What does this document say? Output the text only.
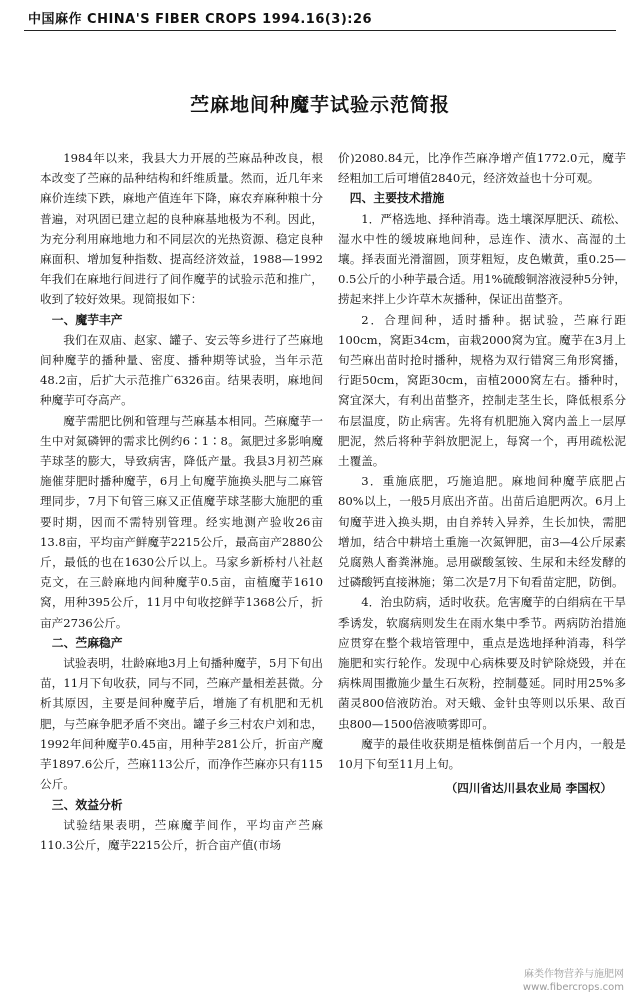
中国麻作 CHINA'S FIBER CROPS 1994.16(3):26
苎麻地间种魔芋试验示范简报

1984年以来，我县大力开展的苎麻品种改良，根本改变了苎麻的品种结构和纤维质量。然而，近几年来麻价连续下跌，麻地产值连年下降，麻农弃麻种粮十分普遍，对巩固已建立起的良种麻基地极为不利。因此，为充分利用麻地地力和不同层次的光热资源、稳定良种麻面积、增加复种指数、提高经济效益，1988—1992年我们在麻地行间进行了间作魔芋的试验示范和推广，收到了较好效果。现简报如下：

一、魔芋丰产

我们在双庙、赵家、罐子、安云等乡进行了苎麻地间种魔芋的播种量、密度、播种期等试验，当年示范48.2亩，后扩大示范推广6326亩。结果表明，麻地间种魔芋可夺高产。

魔芋需肥比例和管理与苎麻基本相同。苎麻魔芋一生中对氮磷钾的需求比例约6∶1∶8。氮肥过多影响魔芋球茎的膨大，导致病害，降低产量。我县3月初苎麻施催芽肥时播种魔芋，6月上旬魔芋施换头肥与二麻管理同步，7月下旬管三麻又正值魔芋球茎膨大施肥的重要时期，因而不需特别管理。经实地测产验收26亩13.8亩，平均亩产鲜魔芋2215公斤，最高亩产2880公斤，最低的也在1630公斤以上。马家乡新桥村八社赵克文，在三龄麻地内间种魔芋0.5亩，亩植魔芋1610窝，用种395公斤，11月中旬收挖鲜芋1368公斤，折亩产2736公斤。

二、苎麻稳产

试验表明，壮龄麻地3月上旬播种魔芋，5月下旬出苗，11月下旬收获，同与不同，苎麻产量相差甚微。分析其原因，主要是间种魔芋后，增施了有机肥和无机肥，与苎麻争肥矛盾不突出。罐子乡三村农户刘和忠，1992年间种魔芋0.45亩，用种芋281公斤，折亩产魔芋1897.6公斤，苎麻113公斤，而净作苎麻亦只有115公斤。

三、效益分析

试验结果表明，苎麻魔芋间作，平均亩产苎麻110.3公斤，魔芋2215公斤，折合亩产值(市场

价)2080.84元，比净作苎麻净增产值1772.0元，魔芋经粗加工后可增值2840元，经济效益也十分可观。

四、主要技术措施

1．严格选地、择种消毒。选土壤深厚肥沃、疏松、湿水中性的缓坡麻地间种，忌连作、渍水、高湿的土壤。择表面光滑溜圆，顶芽粗短，皮色嫩黄，重0.25—0.5公斤的小种芋最合适。用1%硫酸铜溶液浸种5分钟，捞起来拌上少许草木灰播种，保证出苗整齐。

2．合理间种，适时播种。据试验，苎麻行距100cm，窝距34cm，亩栽2000窝为宜。魔芋在3月上旬苎麻出苗时抢时播种，规格为双行错窝三角形窝播，行距50cm，窝距30cm，亩植2000窝左右。播种时，窝宜深大，有利出苗整齐，控制走茎生长，降低根系分布层温度，防止病害。先将有机肥施入窝内盖上一层厚肥泥，然后将种芋斜放肥泥上，每窝一个，再用疏松泥土覆盖。

3．重施底肥，巧施追肥。麻地间种魔芋底肥占80%以上，一般5月底出齐苗。出苗后追肥两次。6月上旬魔芋进入换头期，由自养转入异养，生长加快，需肥增加，结合中耕培土重施一次氮钾肥，亩3—4公斤尿素兑腐熟人畜粪淋施。忌用碳酸氢铵、生尿和未经发酵的过磷酸钙直接淋施；第二次是7月下旬看苗定肥，防倒。

4．治虫防病，适时收获。危害魔芋的白绢病在干旱季诱发，软腐病则发生在雨水集中季节。两病防治措施应贯穿在整个栽培管理中，重点是选地择种消毒，科学施肥和实行轮作。发现中心病株要及时铲除烧毁，并在病株周围撒施少量生石灰粉，控制蔓延。同时用25%多菌灵800倍液防治。对天蛾、金针虫等则以乐果、敌百虫800—1500倍液喷雾即可。

魔芋的最佳收获期是植株倒苗后一个月内，一般是10月下旬至11月上旬。

（四川省达川县农业局 李国权）
麻类作物营养与施肥网
www.fibercrops.com
